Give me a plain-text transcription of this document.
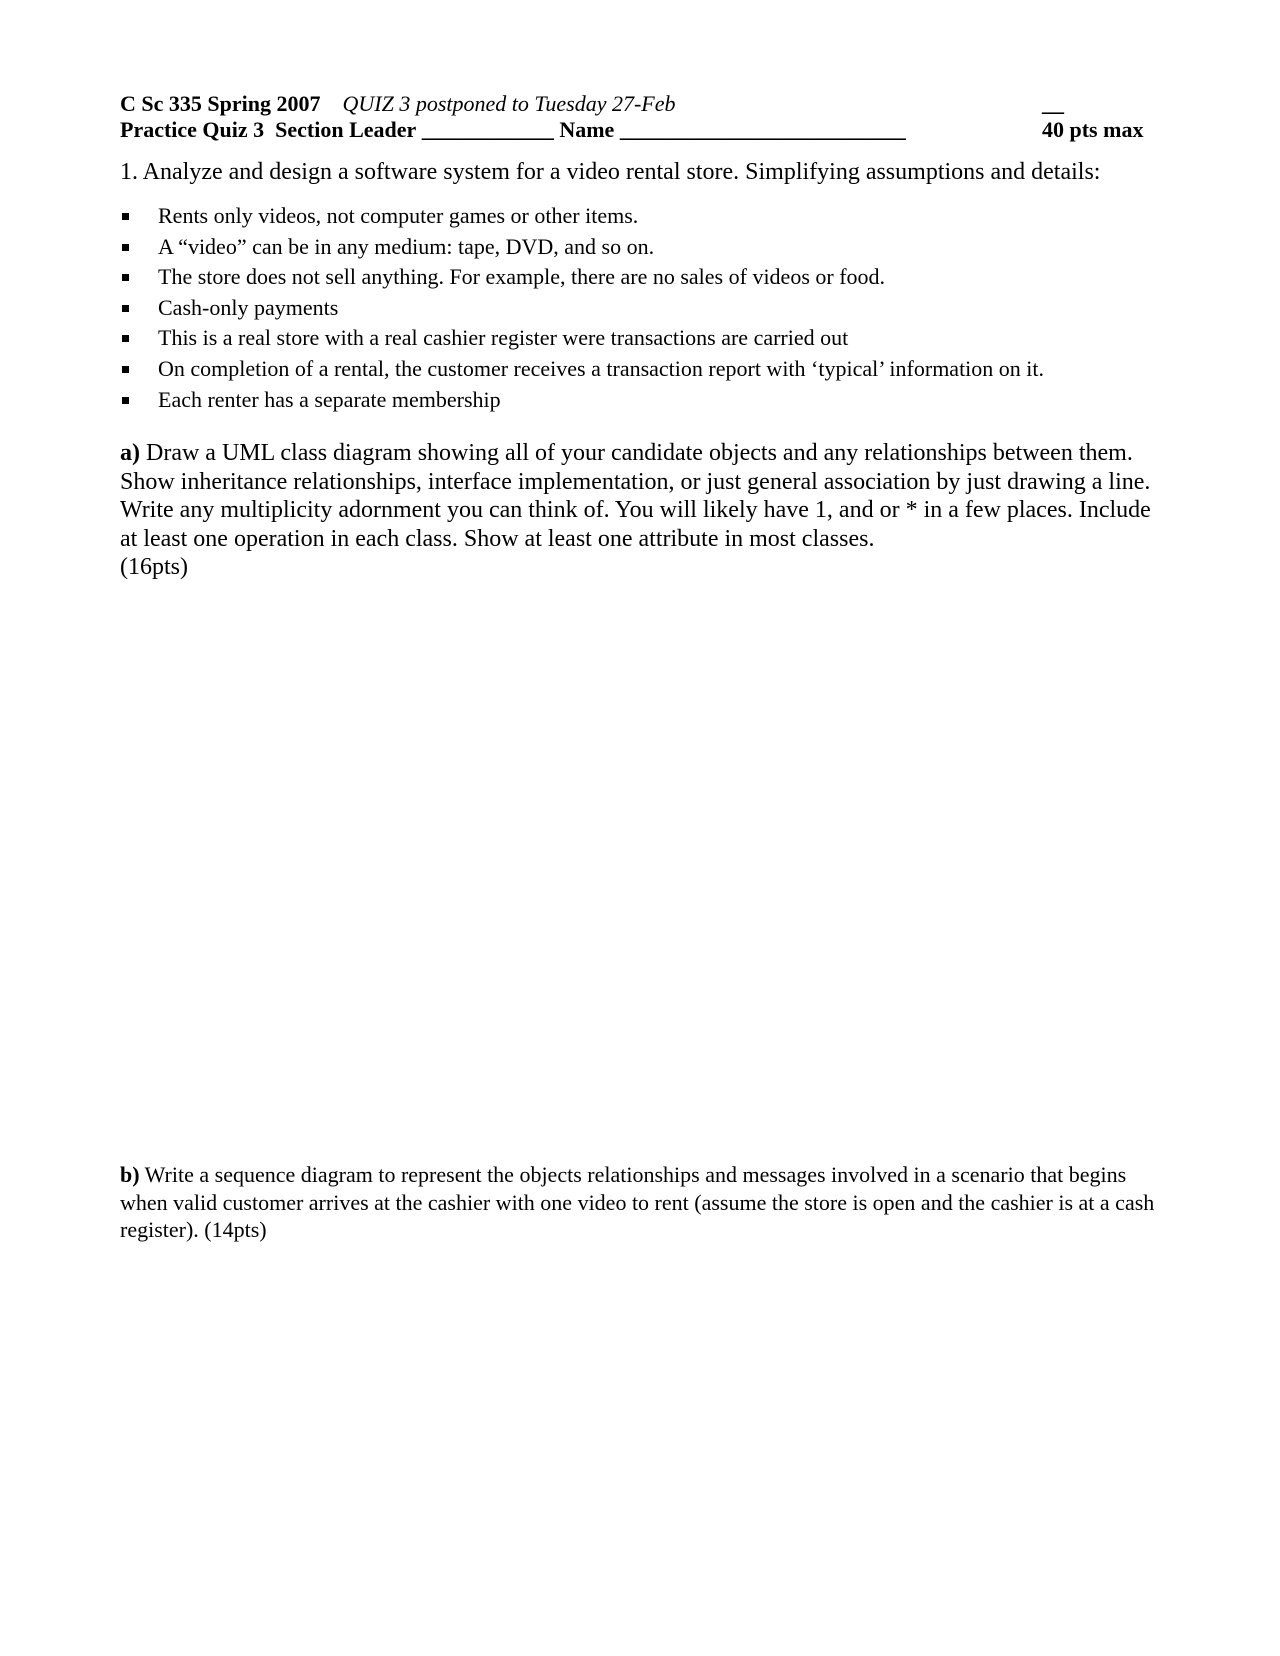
C Sc 335 Spring 2007 QUIZ 3 postponed to Tuesday 27-Feb
Practice Quiz 3 Section Leader ____________ Name __________________________
__
40 pts max
1. Analyze and design a software system for a video rental store. Simplifying assumptions and details:
Rents only videos, not computer games or other items.
A “video” can be in any medium: tape, DVD, and so on.
The store does not sell anything. For example, there are no sales of videos or food.
Cash-only payments
This is a real store with a real cashier register were transactions are carried out
On completion of a rental, the customer receives a transaction report with ‘typical’ information on it.
Each renter has a separate membership
a) Draw a UML class diagram showing all of your candidate objects and any relationships between them. Show inheritance relationships, interface implementation, or just general association by just drawing a line. Write any multiplicity adornment you can think of. You will likely have 1, and or * in a few places. Include at least one operation in each class. Show at least one attribute in most classes.
(16pts)
b) Write a sequence diagram to represent the objects relationships and messages involved in a scenario that begins when valid customer arrives at the cashier with one video to rent (assume the store is open and the cashier is at a cash register). (14pts)
